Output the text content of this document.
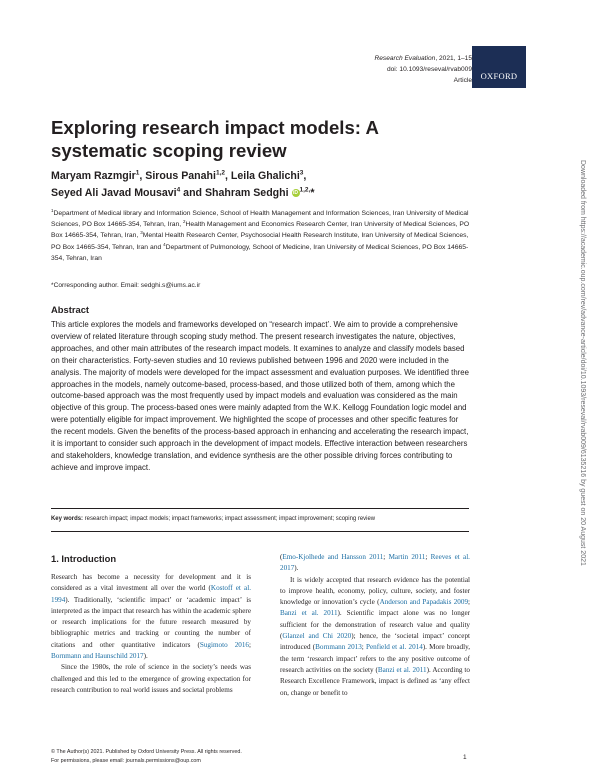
Research Evaluation, 2021, 1–15
doi: 10.1093/reseval/rvab009
Article	OXFORD
Exploring research impact models: A systematic scoping review
Maryam Razmgir$^1$, Sirous Panahi$^{1,2}$, Leila Ghalichi$^3$,
Seyed Ali Javad Mousavi$^4$ and Shahram Sedghi iD $^{1,2,}$*
$^1$Department of Medical library and Information Science, School of Health Management and Information Sciences, Iran University of Medical Sciences, PO Box 14665-354, Tehran, Iran, $^2$Health Management and Economics Research Center, Iran University of Medical Sciences, PO Box 14665-354, Tehran, Iran, $^3$Mental Health Research Center, Psychosocial Health Research Institute, Iran University of Medical Sciences, PO Box 14665-354, Tehran, Iran and $^4$Department of Pulmonology, School of Medicine, Iran University of Medical Sciences, PO Box 14665-354, Tehran, Iran
*Corresponding author. Email: sedghi.s@iums.ac.ir
Abstract
This article explores the models and frameworks developed on “research impact’. We aim to provide a comprehensive overview of related literature through scoping study method. The present research investigates the nature, objectives, approaches, and other main attributes of the research impact models. It examines to analyze and classify models based on their characteristics. Forty-seven studies and 10 reviews published between 1996 and 2020 were included in the analysis. The majority of models were developed for the impact assessment and evaluation purposes. We identified three approaches in the models, namely outcome-based, process-based, and those utilized both of them, among which the outcome-based approach was the most frequently used by impact models and evaluation was considered as the main objective of this group. The process-based ones were mainly adapted from the W.K. Kellogg Foundation logic model and were potentially eligible for impact improvement. We highlighted the scope of processes and other specific features for the recent models. Given the benefits of the process-based approach in enhancing and accelerating the research impact, it is important to consider such approach in the development of impact models. Effective interaction between researchers and stakeholders, knowledge translation, and evidence synthesis are the other possible driving forces contributing to achieve and improve impact.
Key words: research impact; impact models; impact frameworks; impact assessment; impact improvement; scoping review
1. Introduction

Research has become a necessity for development and it is considered as a vital investment all over the world (Kostoff et al. 1994). Traditionally, ‘scientific impact’ or ‘academic impact’ is interpreted as the impact that research has within the academic sphere or research implications for the future research measured by bibliographic metrics and tracking or counting the number of citations and other quantitative indicators (Sugimoto 2016; Bornmann and Haunschild 2017).

Since the 1980s, the role of science in the society’s needs was challenged and this led to the emergence of growing expectation for research contribution to real world issues and societal problems

(Emo-Kjolhede and Hansson 2011; Martin 2011; Reeves et al. 2017).

It is widely accepted that research evidence has the potential to improve health, economy, policy, culture, society, and foster knowledge or innovation’s cycle (Anderson and Papadakis 2009; Banzi et al. 2011). Scientific impact alone was no longer sufficient for the demonstration of research value and quality (Glanzel and Chi 2020); hence, the ‘societal impact’ concept introduced (Bornmann 2013; Penfield et al. 2014). More broadly, the term ‘research impact’ refers to the any positive outcome of research activities on the society (Banzi et al. 2011). According to Research Excellence Framework, impact is defined as ‘any effect on, change or benefit to

© The Author(s) 2021. Published by Oxford University Press. All rights reserved.
For permissions, please email: journals.permissions@oup.com
1
Downloaded from https://academic.oup.com/rev/advance-article/doi/10.1093/reseval/rvab009/6135216 by guest on 20 August 2021
